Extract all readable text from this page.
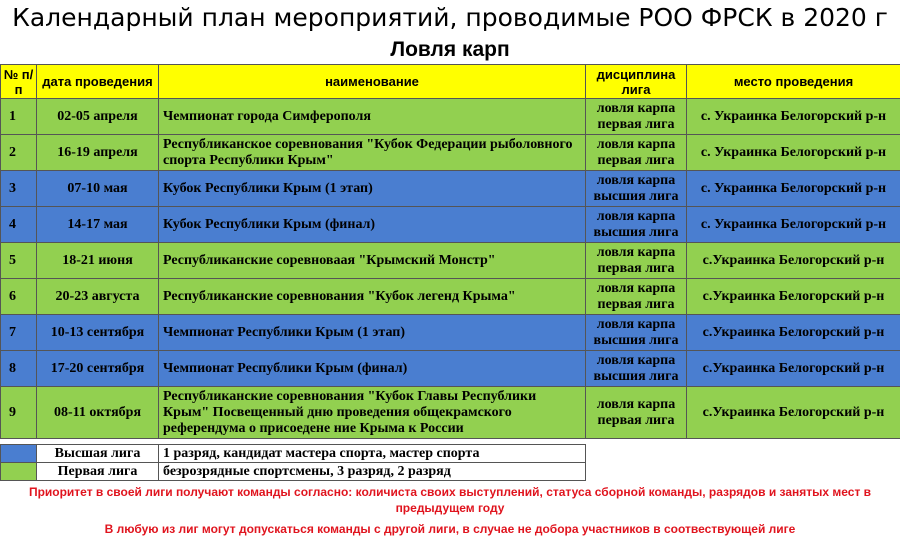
Календарный план мероприятий, проводимые РОО ФРСК в 2020 г
Ловля карп
№ п/п	дата проведения	наименование	дисциплина лига	место проведения
1	02-05 апреля	Чемпионат города Симферополя	ловля карпа первая лига	с. Украинка Белогорский р-н
2	16-19 апреля	Республиканское соревнования "Кубок Федерации рыболовного спорта Республики Крым"	ловля карпа первая лига	с. Украинка Белогорский р-н
3	07-10 мая	Кубок Республики Крым (1 этап)	ловля карпа высшия лига	с. Украинка Белогорский р-н
4	14-17 мая	Кубок Республики Крым (финал)	ловля карпа высшия лига	с. Украинка Белогорский р-н
5	18-21 июня	Республиканские соревновaая "Крымский Монстр"	ловля карпа первая лига	с.Украинка Белогорский р-н
6	20-23 августа	Республиканские соревнования "Кубок легенд Крыма"	ловля карпа первая лига	с.Украинка Белогорский р-н
7	10-13 сентября	Чемпионат Республики Крым (1 этап)	ловля карпа высшия лига	с.Украинка Белогорский р-н
8	17-20 сентября	Чемпионат Республики Крым (финал)	ловля карпа высшия лига	с.Украинка Белогорский р-н
9	08-11 октября	Республиканские соревнования "Кубок Главы Республики Крым" Посвещенный дню проведения общекрамского референдума о присоедене ние Крыма к России	ловля карпа первая лига	с.Украинка Белогорский р-н
	Высшая лига	1 разряд, кандидат мастера спорта, мастер спорта
	Первая лига	безрозрядные спортсмены, 3 разряд, 2 разряд
Приоритет в своей лиги получают команды согласно: количиста своих выступлений, статуса сборной команды, разрядов и занятых мест в предыдущем году
В любую из лиг могут допускаться команды с другой лиги, в случае не добора участников в соотвествующей лиге
